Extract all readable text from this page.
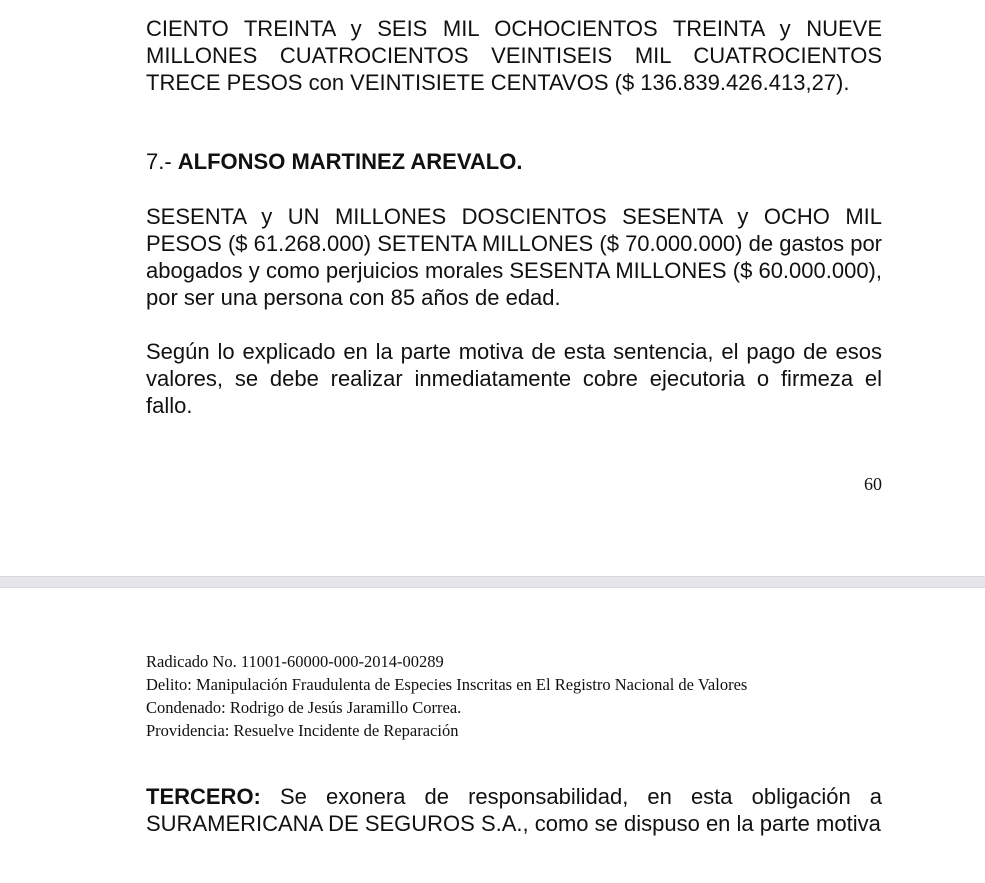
CIENTO TREINTA y SEIS MIL OCHOCIENTOS TREINTA y NUEVE MILLONES CUATROCIENTOS VEINTISEIS MIL CUATROCIENTOS TRECE PESOS con VEINTISIETE CENTAVOS ($ 136.839.426.413,27).

7.- ALFONSO MARTINEZ AREVALO.

SESENTA y UN MILLONES DOSCIENTOS SESENTA y OCHO MIL PESOS ($ 61.268.000) SETENTA MILLONES ($ 70.000.000) de gastos por abogados y como perjuicios morales SESENTA MILLONES ($ 60.000.000), por ser una persona con 85 años de edad.

Según lo explicado en la parte motiva de esta sentencia, el pago de esos valores, se debe realizar inmediatamente cobre ejecutoria o firmeza el fallo.

60
Radicado No. 11001-60000-000-2014-00289
Delito: Manipulación Fraudulenta de Especies Inscritas en El Registro Nacional de Valores
Condenado: Rodrigo de Jesús Jaramillo Correa.
Providencia: Resuelve Incidente de Reparación

TERCERO: Se exonera de responsabilidad, en esta obligación a SURAMERICANA DE SEGUROS S.A., como se dispuso en la parte motiva
